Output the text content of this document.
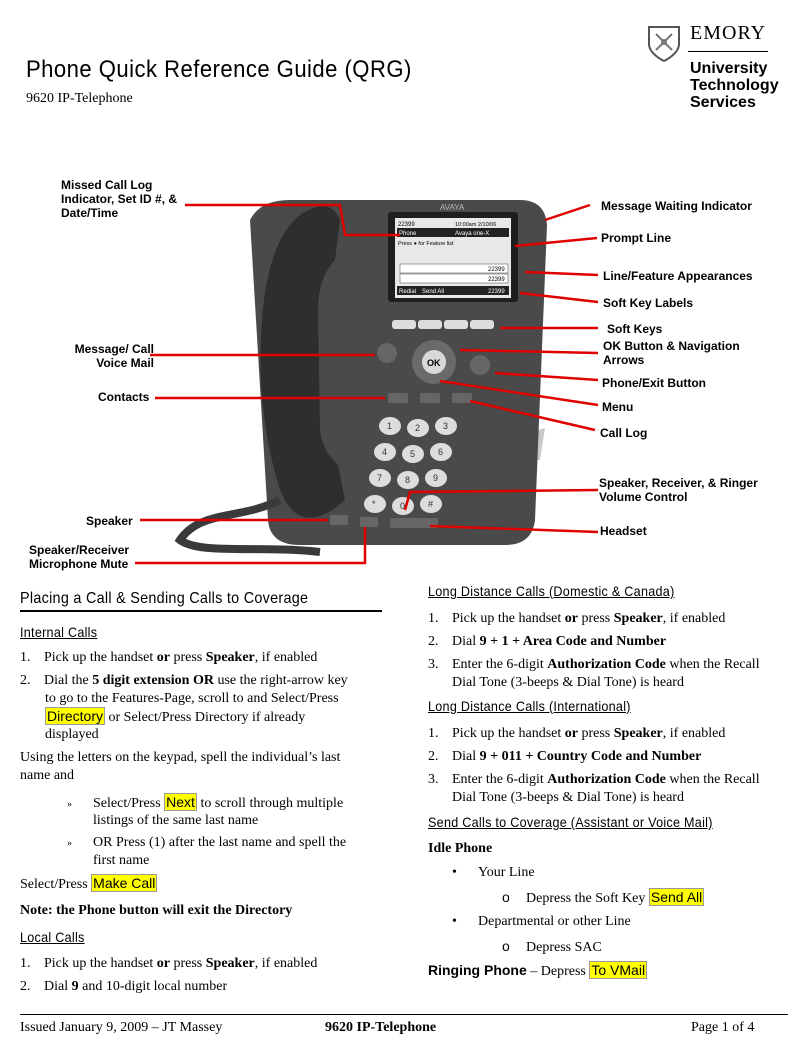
Phone Quick Reference Guide (QRG)
9620 IP-Telephone
EMORY
University
Technology
Services
AVAYA
22399	10:00am 2/10/06
Phone	Avaya one-X
Press ● for Feature list
22399
22399
Redial Send All	22399
OK
1	2	3
4	5	6
7	8	9
*	0	#
Missed Call Log
Indicator, Set ID #, &
Date/Time	Message Waiting Indicator
Prompt Line
Line/Feature Appearances
Soft Key Labels
Soft Keys
OK Button & Navigation
Arrows
Message/ Call
Voice Mail
Phone/Exit Button
Contacts
Menu
Call Log
Speaker, Receiver, & Ringer
Volume Control
Speaker
Headset
Speaker/Receiver
Microphone Mute
Placing a Call & Sending Calls to Coverage
Internal Calls
1. Pick up the handset or press Speaker, if enabled
2. Dial the 5 digit extension OR use the right-arrow key
to go to the Features-Page, scroll to and Select/Press
Directory or Select/Press Directory if already
displayed
Using the letters on the keypad, spell the individual’s last
name and
» Select/Press Next to scroll through multiple
listings of the same last name
» OR Press (1) after the last name and spell the
first name
Select/Press Make Call
Note: the Phone button will exit the Directory
Local Calls
1. Pick up the handset or press Speaker, if enabled
2. Dial 9 and 10-digit local number
Long Distance Calls (Domestic & Canada)
1. Pick up the handset or press Speaker, if enabled
2. Dial 9 + 1 + Area Code and Number
3. Enter the 6-digit Authorization Code when the Recall
Dial Tone (3-beeps & Dial Tone) is heard
Long Distance Calls (International)
1. Pick up the handset or press Speaker, if enabled
2. Dial 9 + 011 + Country Code and Number
3. Enter the 6-digit Authorization Code when the Recall
Dial Tone (3-beeps & Dial Tone) is heard
Send Calls to Coverage (Assistant or Voice Mail)
Idle Phone
• Your Line
o Depress the Soft Key Send All
• Departmental or other Line
o Depress SAC
Ringing Phone – Depress To VMail
Issued January 9, 2009 – JT Massey	9620 IP-Telephone	Page 1 of 4
